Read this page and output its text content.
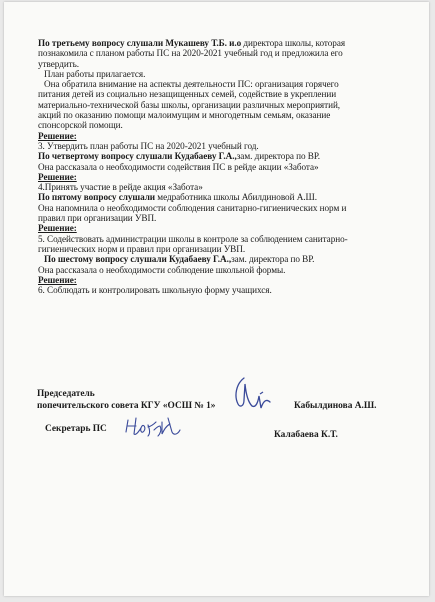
По третьему вопросу слушали Мукашеву Т.Б. и.о директора школы, которая
познакомила с планом работы ПС на 2020-2021 учебный год и предложила его
утвердить.
План работы прилагается.
Она обратила внимание на аспекты деятельности ПС: организация горячего
питания детей из социально незащищенных семей, содействие в укреплении
материально-технической базы школы, организации различных мероприятий,
акций по оказанию помощи малоимущим и многодетным семьям, оказание
спонсорской помощи.
Решение:
3. Утвердить план работы ПС на 2020-2021 учебный год.
По четвертому вопросу слушали Кудабаеву Г.А.,зам. директора по ВР.
Она рассказала о необходимости содействия ПС в рейде акции «Забота»
Решение:
4.Принять участие в рейде акция «Забота»
По пятому вопросу слушали медработника школы Абилдиновой А.Ш.
Она напомнила о необходимости соблюдения санитарно-гигиенических норм и
правил при организации УВП.
Решение:
5. Содействовать администрации школы в контроле за соблюдением санитарно-
гигиенических норм и правил при организации УВП.
По шестому вопросу слушали Кудабаеву Г.А.,зам. директора по ВР.
Она рассказала о необходимости соблюдение школьной формы.
Решение:
6. Соблюдать и контролировать школьную форму учащихся.
Председатель
попечительского совета КГУ «ОСШ № 1»	Кабылдинова А.Ш.
Секретарь ПС
Калабаева К.Т.
